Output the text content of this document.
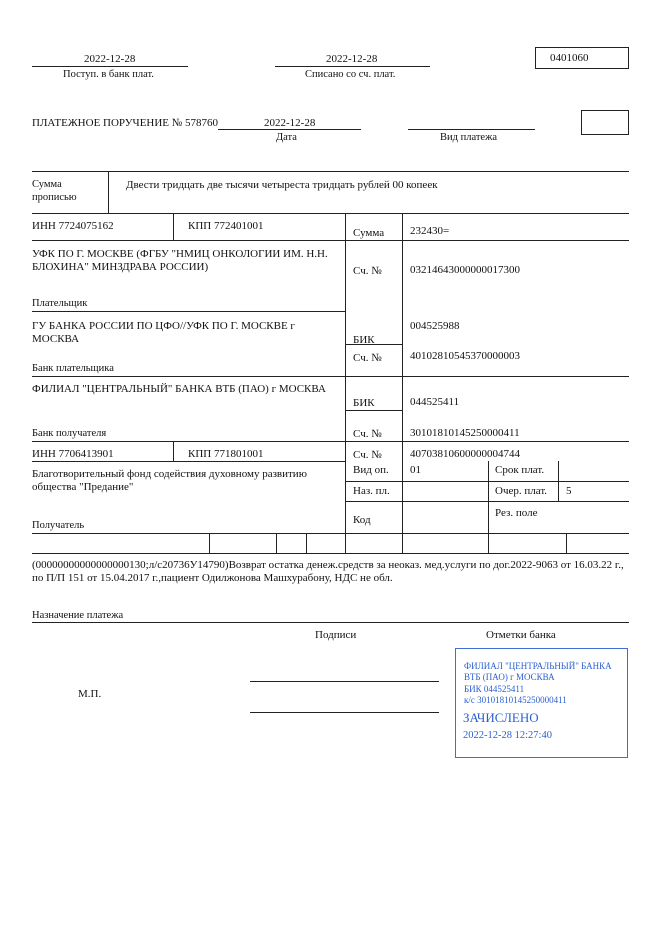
2022-12-28
Поступ. в банк плат.
2022-12-28
Списано со сч. плат.
0401060
ПЛАТЕЖНОЕ ПОРУЧЕНИЕ № 578760	2022-12-28
Дата	Вид платежа
Сумма
прописью
Двести тридцать две тысячи четыреста тридцать рублей 00 копеек
ИНН 7724075162	КПП 772401001
Сумма 232430=
УФК ПО Г. МОСКВЕ (ФГБУ "НМИЦ ОНКОЛОГИИ ИМ. Н.Н. БЛОХИНА" МИНЗДРАВА РОССИИ)	Сч. №	03214643000000017300
Плательщик
ГУ БАНКА РОССИИ ПО ЦФО//УФК ПО Г. МОСКВЕ г МОСКВА
004525988
БИК
Сч. №	40102810545370000003
Банк плательщика
ФИЛИАЛ "ЦЕНТРАЛЬНЫЙ" БАНКА ВТБ (ПАО) г МОСКВА
БИК	044525411
Банк получателя	Сч. №	30101810145250000411
ИНН 7706413901	КПП 771801001	Сч. №	40703810600000004744
Благотворительный фонд содействия духовному развитию общества "Предание"
Получатель
Вид оп. 01	Срок плат.
Наз. пл.	Очер. плат. 5
Код
Рез. поле
(00000000000000000130;л/с20736У14790)Возврат остатка денеж.средств за неоказ. мед.услуги по дог.2022-9063 от 16.03.22 г., по П/П 151 от 15.04.2017 г.,пациент Одилжонова Машхурабону, НДС не обл.
Назначение платежа
Подписи	Отметки банка
М.П.
ФИЛИАЛ "ЦЕНТРАЛЬНЫЙ" БАНКА ВТБ (ПАО) г МОСКВА
БИК 044525411
к/с 30101810145250000411
ЗАЧИСЛЕНО
2022-12-28 12:27:40
